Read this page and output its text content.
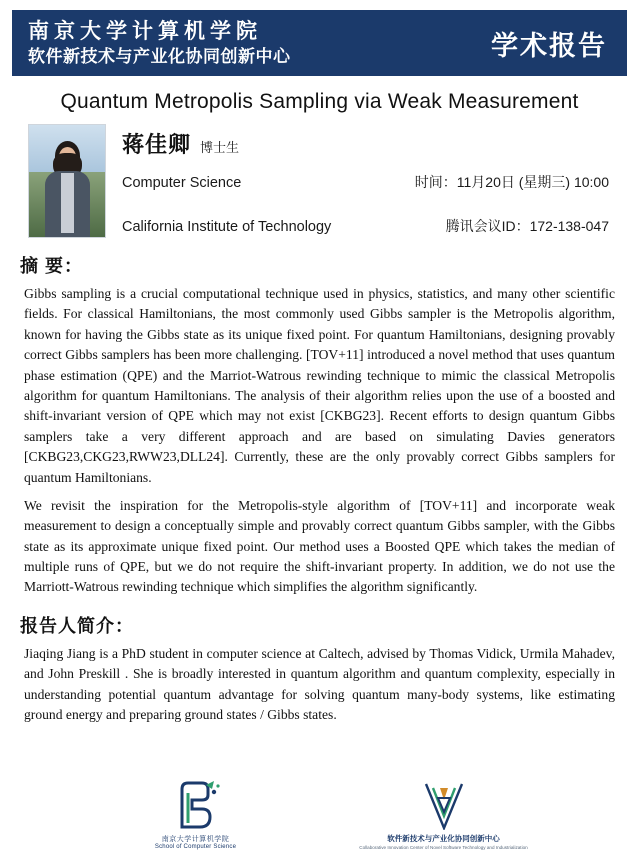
南京大学计算机学院
软件新技术与产业化协同创新中心	学术报告
Quantum Metropolis Sampling via Weak Measurement
蒋佳卿 博士生
Computer Science	时间：11月20日 (星期三) 10:00
California Institute of Technology	腾讯会议ID：172-138-047
摘 要：
Gibbs sampling is a crucial computational technique used in physics, statistics, and many other scientific fields. For classical Hamiltonians, the most commonly used Gibbs sampler is the Metropolis algorithm, known for having the Gibbs state as its unique fixed point. For quantum Hamiltonians, designing provably correct Gibbs samplers has been more challenging. [TOV+11] introduced a novel method that uses quantum phase estimation (QPE) and the Marriot-Watrous rewinding technique to mimic the classical Metropolis algorithm for quantum Hamiltonians. The analysis of their algorithm relies upon the use of a boosted and shift-invariant version of QPE which may not exist [CKBG23]. Recent efforts to design quantum Gibbs samplers take a very different approach and are based on simulating Davies generators [CKBG23,CKG23,RWW23,DLL24]. Currently, these are the only provably correct Gibbs samplers for quantum Hamiltonians.
We revisit the inspiration for the Metropolis-style algorithm of [TOV+11] and incorporate weak measurement to design a conceptually simple and provably correct quantum Gibbs sampler, with the Gibbs state as its approximate unique fixed point. Our method uses a Boosted QPE which takes the median of multiple runs of QPE, but we do not require the shift-invariant property. In addition, we do not use the Marriott-Watrous rewinding technique which simplifies the algorithm significantly.
报告人简介：
Jiaqing Jiang is a PhD student in computer science at Caltech, advised by Thomas Vidick, Urmila Mahadev, and John Preskill . She is broadly interested in quantum algorithm and quantum complexity, especially in understanding potential quantum advantage for solving quantum many-body systems, like estimating ground energy and preparing ground states / Gibbs states.
南京大学计算机学院
School of Computer Science
软件新技术与产业化协同创新中心
Collaborative Innovation Center of Novel Software Technology and Industrialization
